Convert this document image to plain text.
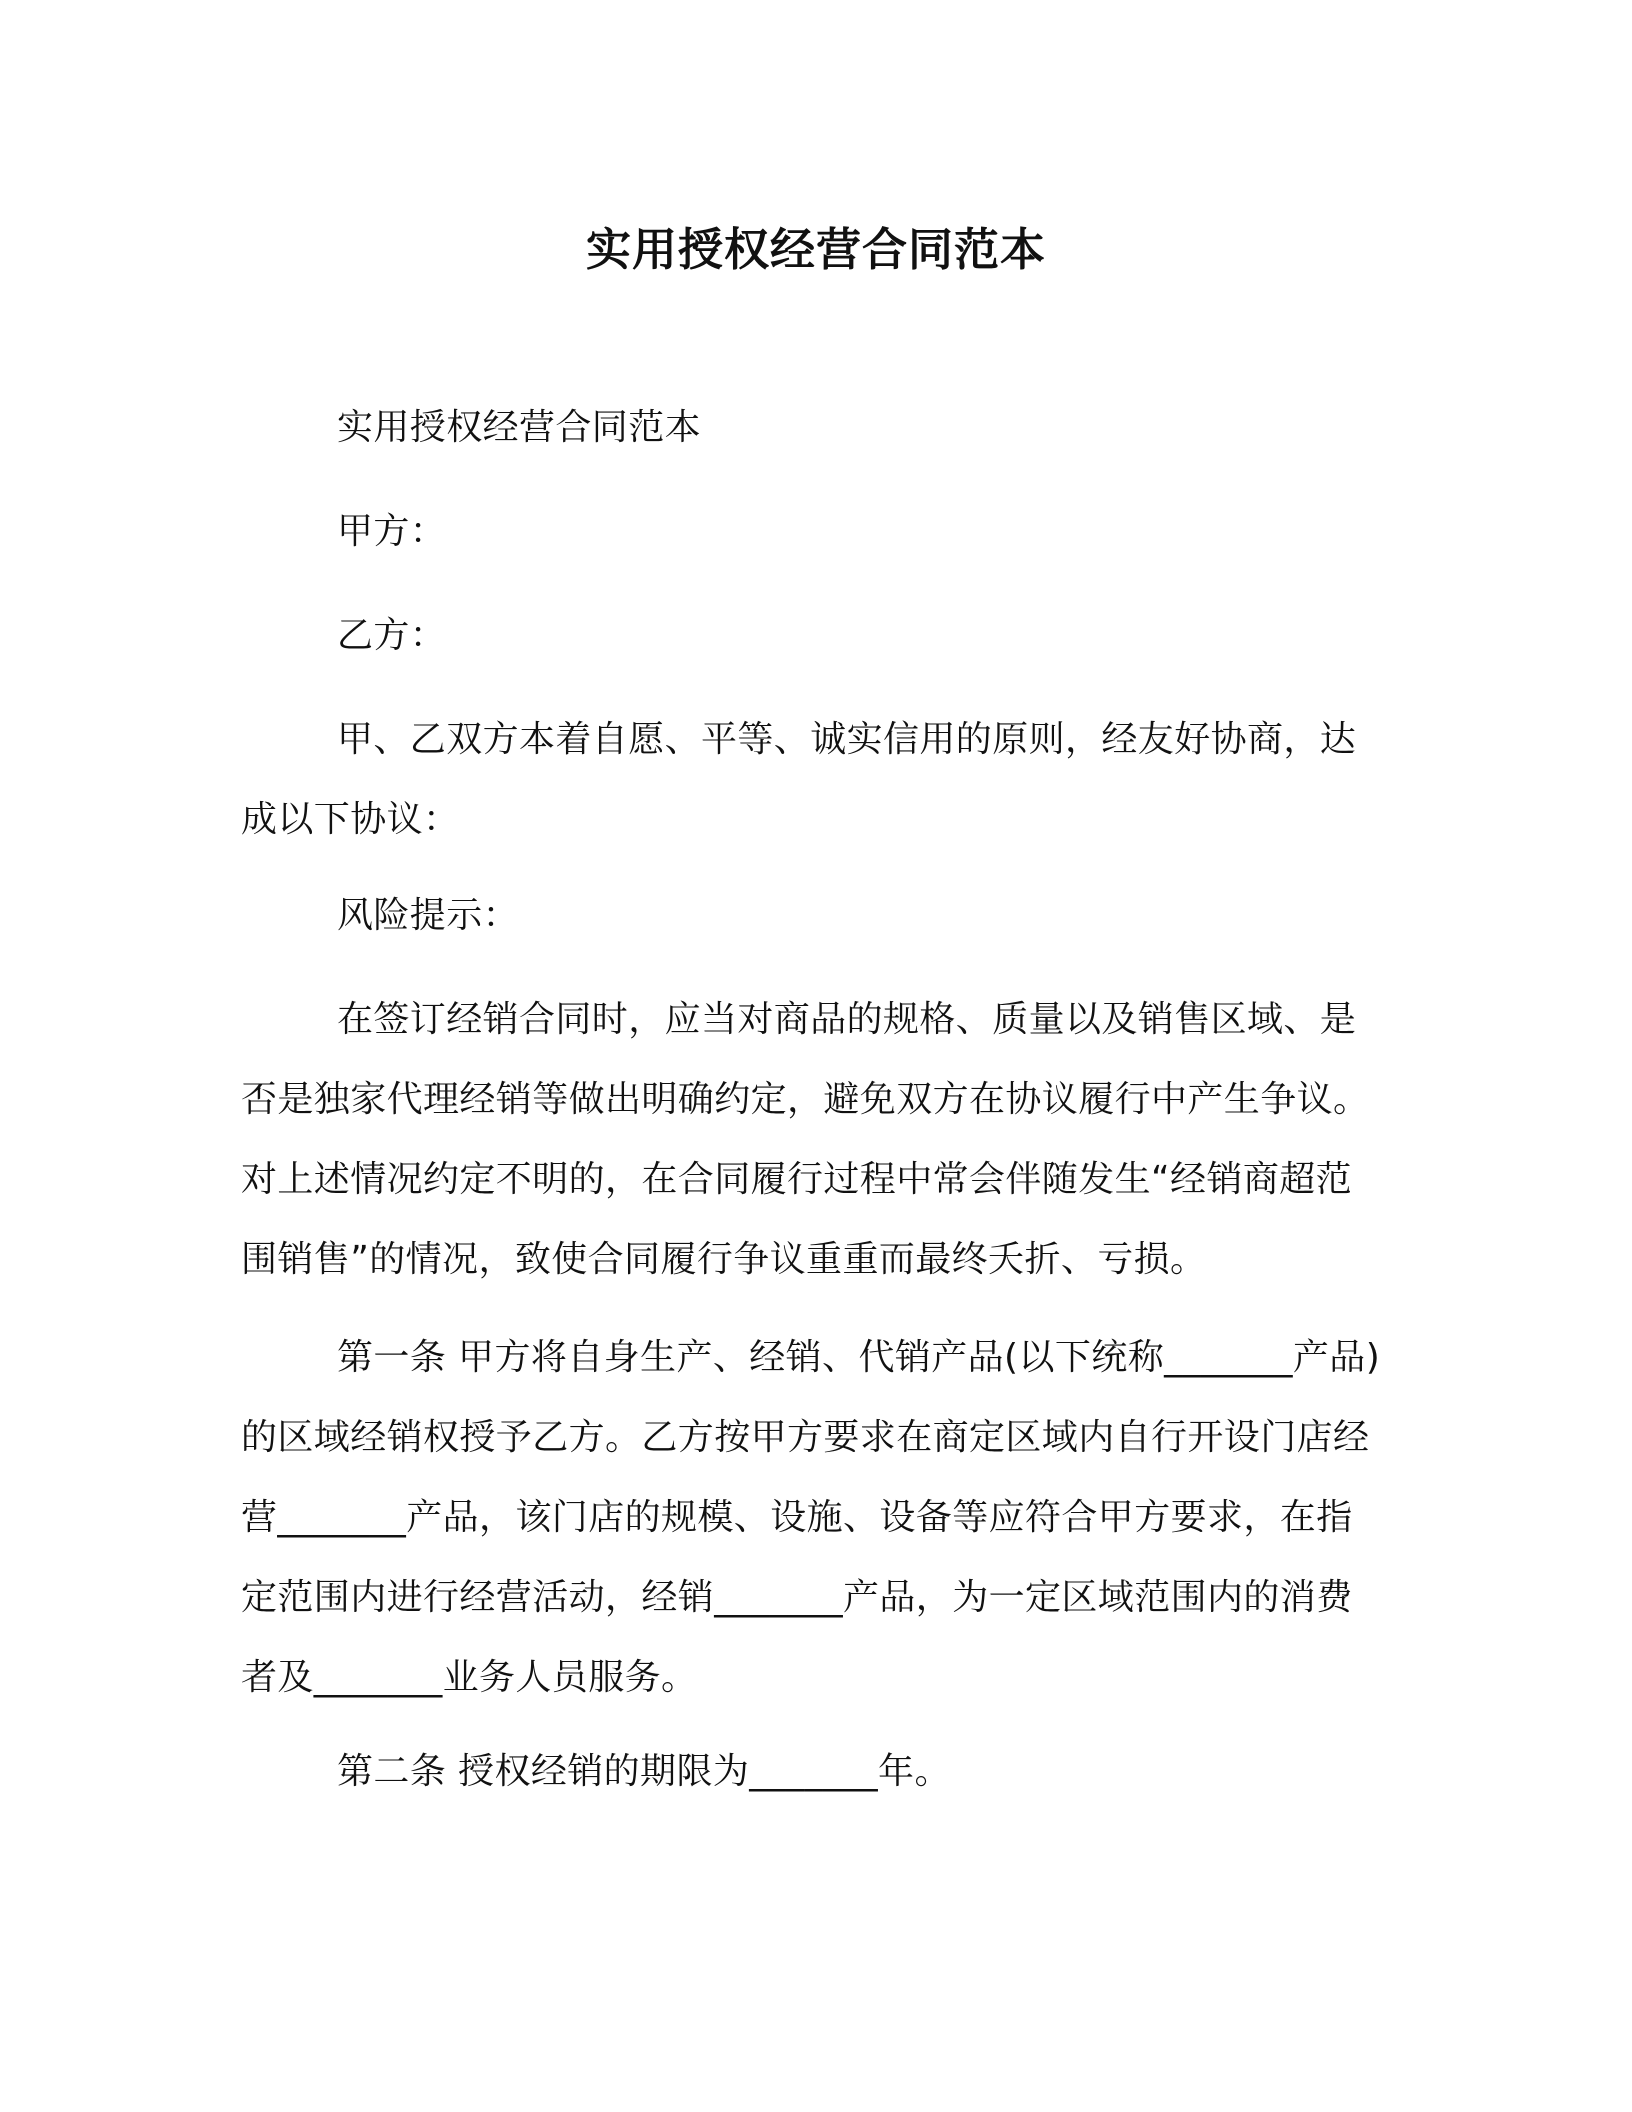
实用授权经营合同范本

实用授权经营合同范本

甲方：

乙方：

甲、乙双方本着自愿、平等、诚实信用的原则，经友好协商，达成以下协议：

风险提示：

在签订经销合同时，应当对商品的规格、质量以及销售区域、是否是独家代理经销等做出明确约定，避免双方在协议履行中产生争议。对上述情况约定不明的，在合同履行过程中常会伴随发生“经销商超范围销售”的情况，致使合同履行争议重重而最终夭折、亏损。

第一条 甲方将自身生产、经销、代销产品(以下统称_______产品)的区域经销权授予乙方。乙方按甲方要求在商定区域内自行开设门店经营_______产品，该门店的规模、设施、设备等应符合甲方要求，在指定范围内进行经营活动，经销_______产品，为一定区域范围内的消费者及_______业务人员服务。

第二条 授权经销的期限为_______年。
